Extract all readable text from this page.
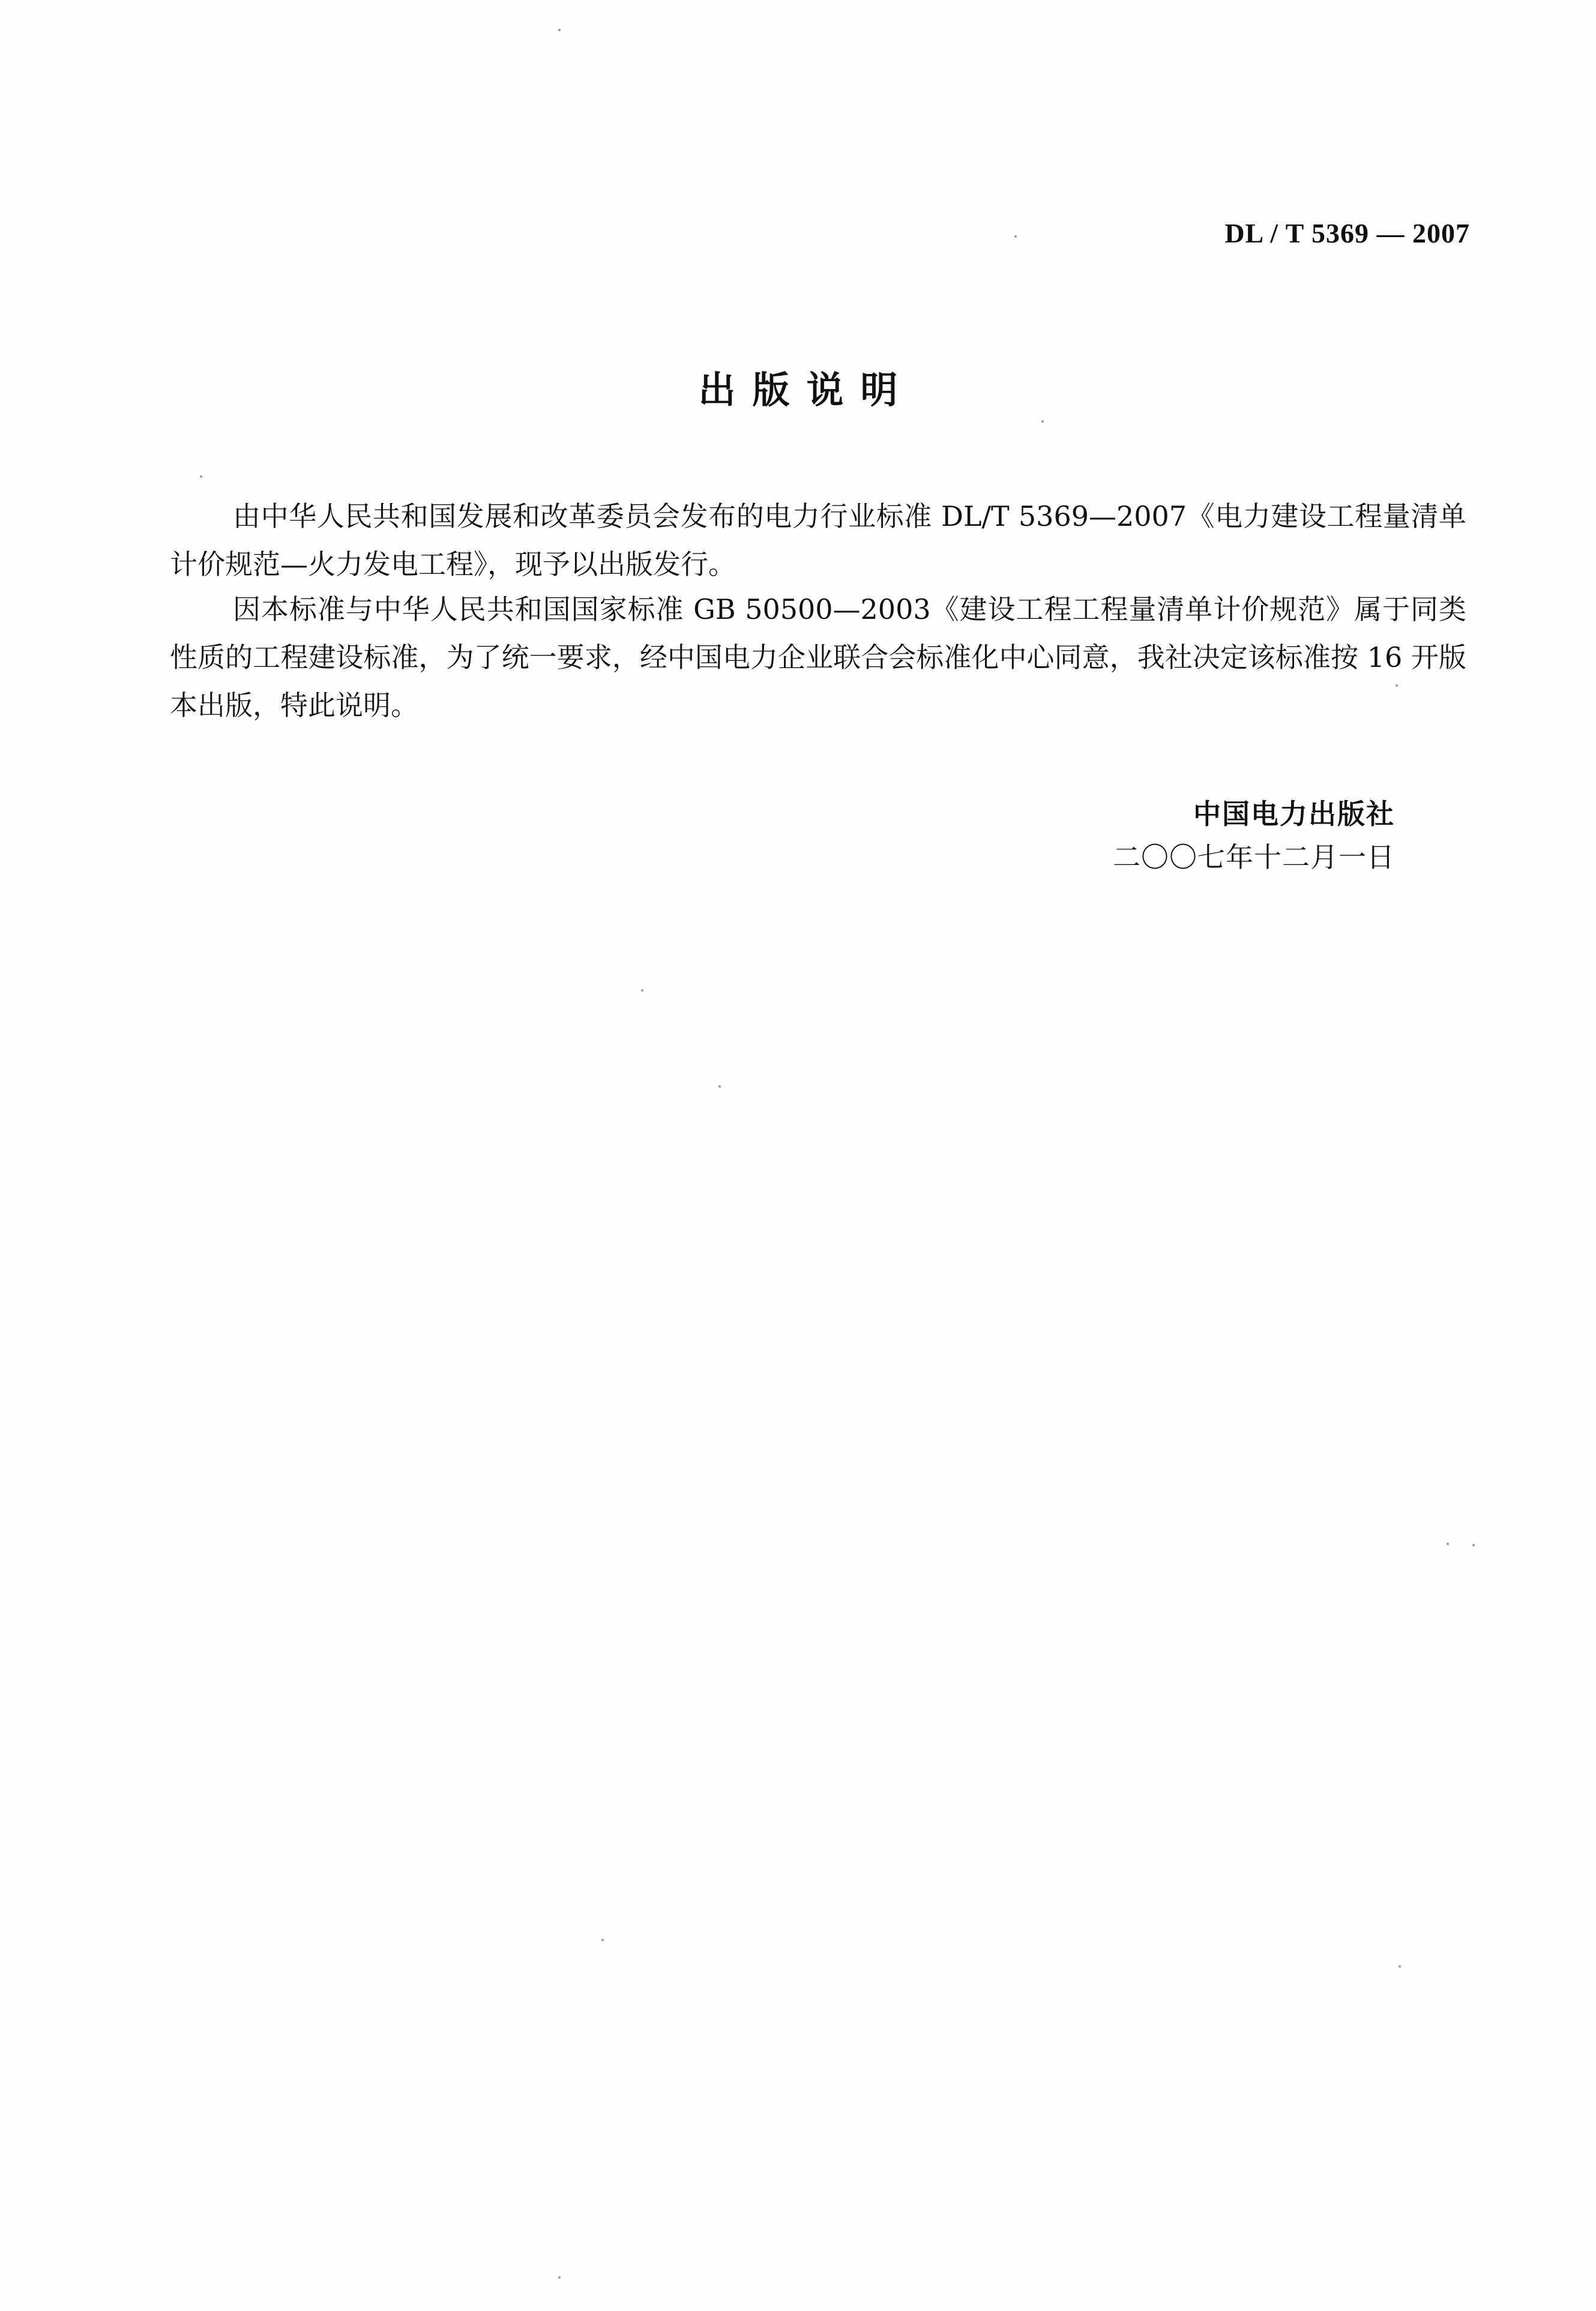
DL / T 5369 — 2007
出版说明

由中华人民共和国发展和改革委员会发布的电力行业标准 DL/T 5369—2007《电力建设工程量清单计价规范—火力发电工程》，现予以出版发行。

因本标准与中华人民共和国国家标准 GB 50500—2003《建设工程工程量清单计价规范》属于同类性质的工程建设标准，为了统一要求，经中国电力企业联合会标准化中心同意，我社决定该标准按 16 开版本出版，特此说明。

中国电力出版社
二〇〇七年十二月一日
